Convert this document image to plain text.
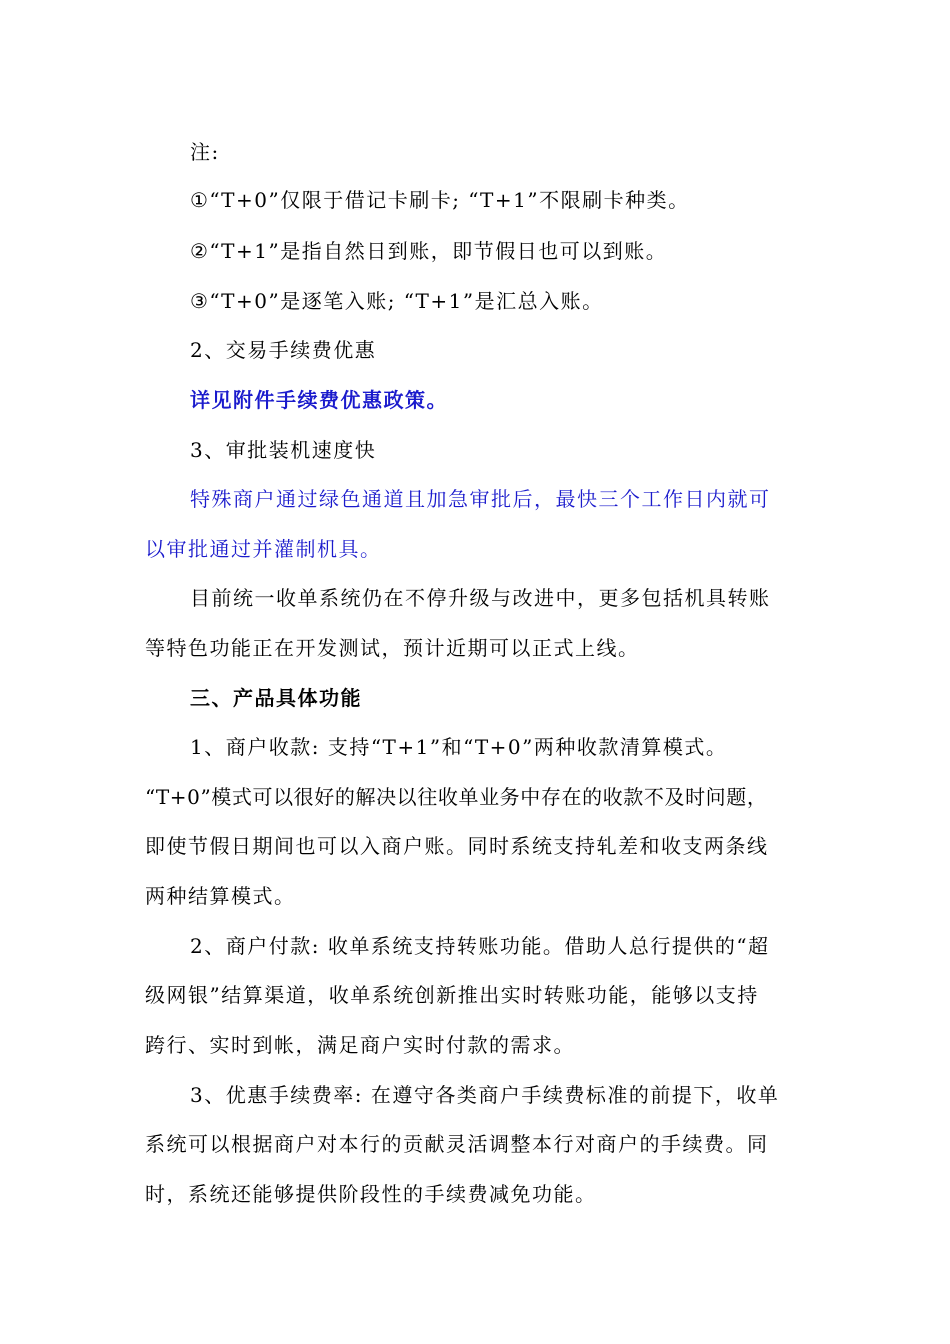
注:
①“T+0”仅限于借记卡刷卡; “T+1”不限刷卡种类。
②“T+1”是指自然日到账，即节假日也可以到账。
③“T+0”是逐笔入账; “T+1”是汇总入账。
2、交易手续费优惠
详见附件手续费优惠政策。
3、审批装机速度快
特殊商户通过绿色通道且加急审批后，最快三个工作日内就可
以审批通过并灌制机具。
目前统一收单系统仍在不停升级与改进中，更多包括机具转账
等特色功能正在开发测试，预计近期可以正式上线。
三、产品具体功能
1、商户收款: 支持“T+1”和“T+0”两种收款清算模式。
“T+0”模式可以很好的解决以往收单业务中存在的收款不及时问题，
即使节假日期间也可以入商户账。同时系统支持轧差和收支两条线
两种结算模式。
2、商户付款: 收单系统支持转账功能。借助人总行提供的“超
级网银”结算渠道，收单系统创新推出实时转账功能，能够以支持
跨行、实时到帐，满足商户实时付款的需求。
3、优惠手续费率: 在遵守各类商户手续费标准的前提下，收单
系统可以根据商户对本行的贡献灵活调整本行对商户的手续费。同
时，系统还能够提供阶段性的手续费减免功能。
